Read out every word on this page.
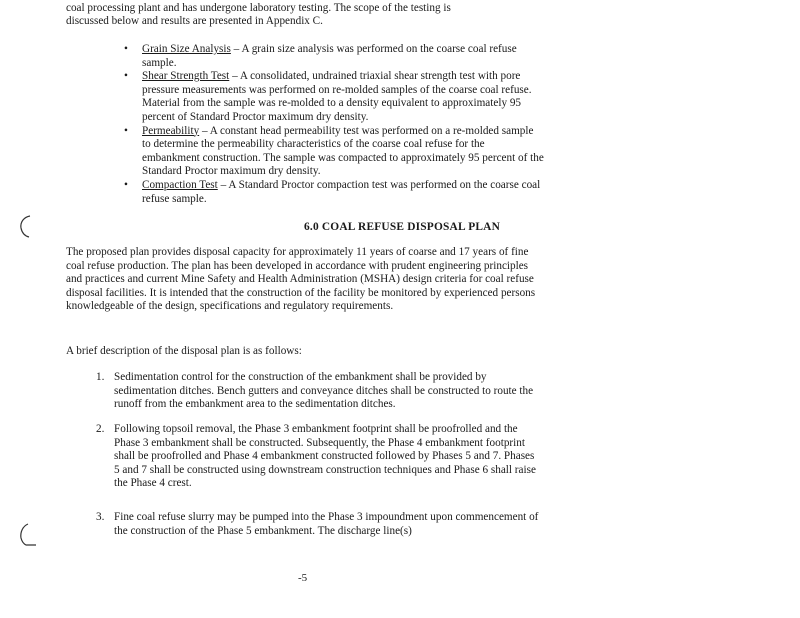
coal processing plant and has undergone laboratory testing. The scope of the testing is
discussed below and results are presented in Appendix C.
• Grain Size Analysis – A grain size analysis was performed on the coarse coal refuse sample.
• Shear Strength Test – A consolidated, undrained triaxial shear strength test with pore pressure measurements was performed on re-molded samples of the coarse coal refuse. Material from the sample was re-molded to a density equivalent to approximately 95 percent of Standard Proctor maximum dry density.
• Permeability – A constant head permeability test was performed on a re-molded sample to determine the permeability characteristics of the coarse coal refuse for the embankment construction. The sample was compacted to approximately 95 percent of the Standard Proctor maximum dry density.
• Compaction Test – A Standard Proctor compaction test was performed on the coarse coal refuse sample.
6.0 COAL REFUSE DISPOSAL PLAN

The proposed plan provides disposal capacity for approximately 11 years of coarse and 17 years of fine coal refuse production. The plan has been developed in accordance with prudent engineering principles and practices and current Mine Safety and Health Administration (MSHA) design criteria for coal refuse disposal facilities. It is intended that the construction of the facility be monitored by experienced persons knowledgeable of the design, specifications and regulatory requirements.

A brief description of the disposal plan is as follows:

1. Sedimentation control for the construction of the embankment shall be provided by sedimentation ditches. Bench gutters and conveyance ditches shall be constructed to route the runoff from the embankment area to the sedimentation ditches.
2. Following topsoil removal, the Phase 3 embankment footprint shall be proofrolled and the Phase 3 embankment shall be constructed. Subsequently, the Phase 4 embankment footprint shall be proofrolled and Phase 4 embankment constructed followed by Phases 5 and 7. Phases 5 and 7 shall be constructed using downstream construction techniques and Phase 6 shall raise the Phase 4 crest.
3. Fine coal refuse slurry may be pumped into the Phase 3 impoundment upon commencement of the construction of the Phase 5 embankment. The discharge line(s)
-5
